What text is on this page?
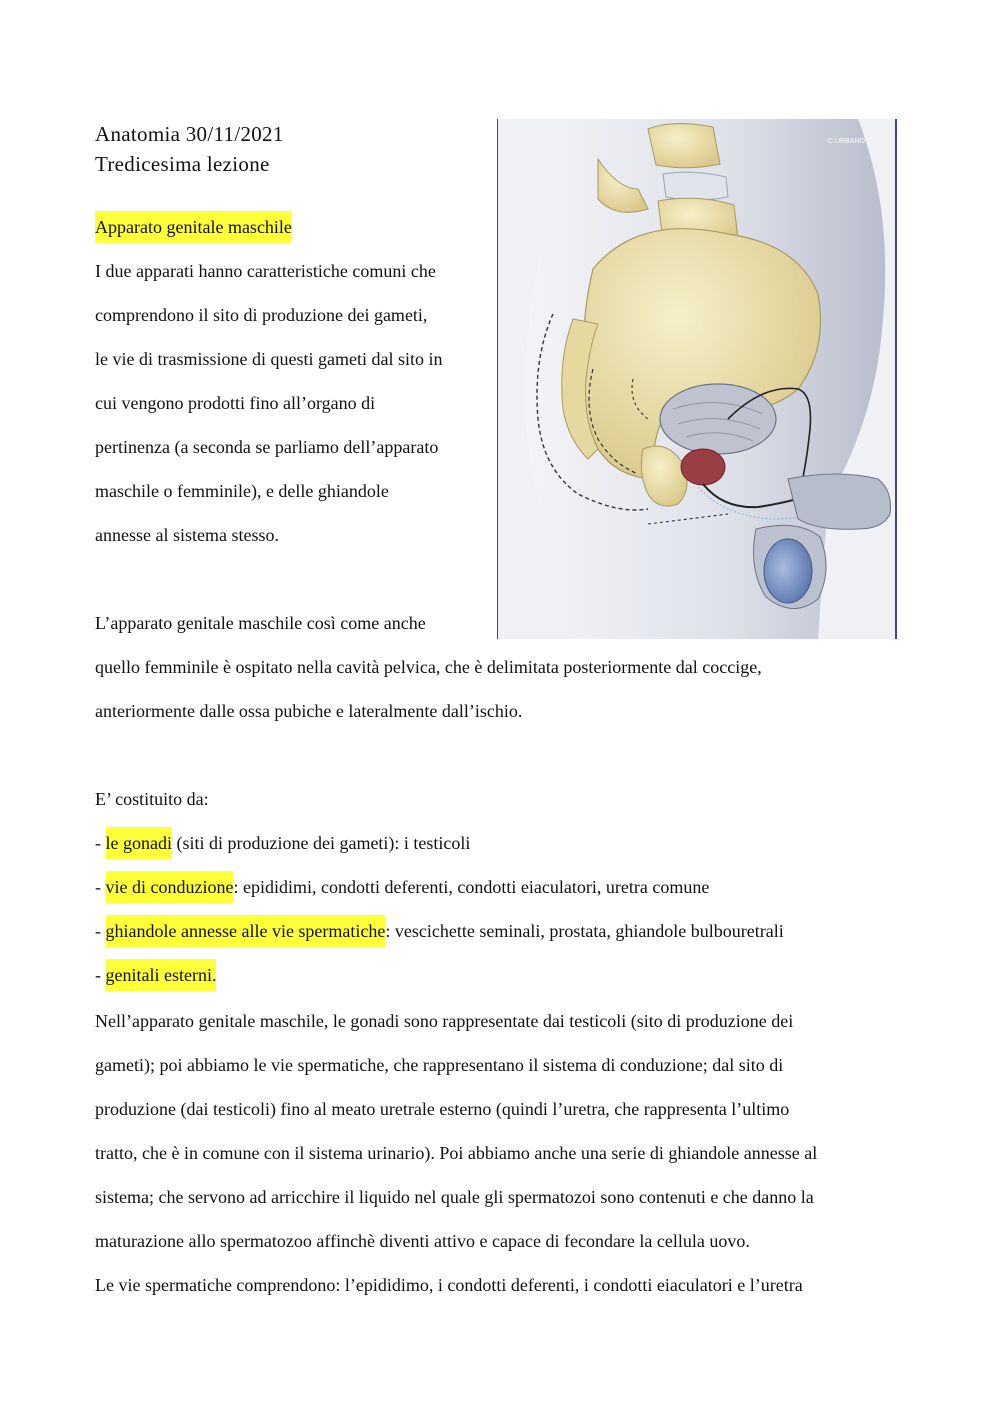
Anatomia 30/11/2021
Tredicesima lezione
Apparato genitale maschile
I due apparati hanno caratteristiche comuni che
comprendono il sito di produzione dei gameti,
le vie di trasmissione di questi gameti dal sito in
cui vengono prodotti fino all’organo di
pertinenza (a seconda se parliamo dell’apparato
maschile o femminile), e delle ghiandole
annesse al sistema stesso.
L’apparato genitale maschile così come anche
quello femminile è ospitato nella cavità pelvica, che è delimitata posteriormente dal coccige,
anteriormente dalle ossa pubiche e lateralmente dall’ischio.
E’ costituito da:
- le gonadi (siti di produzione dei gameti): i testicoli
- vie di conduzione: epididimi, condotti deferenti, condotti eiaculatori, uretra comune
- ghiandole annesse alle vie spermatiche: vescichette seminali, prostata, ghiandole bulbouretrali
- genitali esterni.
Nell’apparato genitale maschile, le gonadi sono rappresentate dai testicoli (sito di produzione dei
gameti); poi abbiamo le vie spermatiche, che rappresentano il sistema di conduzione; dal sito di
produzione (dai testicoli) fino al meato uretrale esterno (quindi l’uretra, che rappresenta l’ultimo
tratto, che è in comune con il sistema urinario). Poi abbiamo anche una serie di ghiandole annesse al
sistema; che servono ad arricchire il liquido nel quale gli spermatozoi sono contenuti e che danno la
maturazione allo spermatozoo affinchè diventi attivo e capace di fecondare la cellula uovo.
Le vie spermatiche comprendono: l’epididimo, i condotti deferenti, i condotti eiaculatori e l’uretra
C.URBANO
